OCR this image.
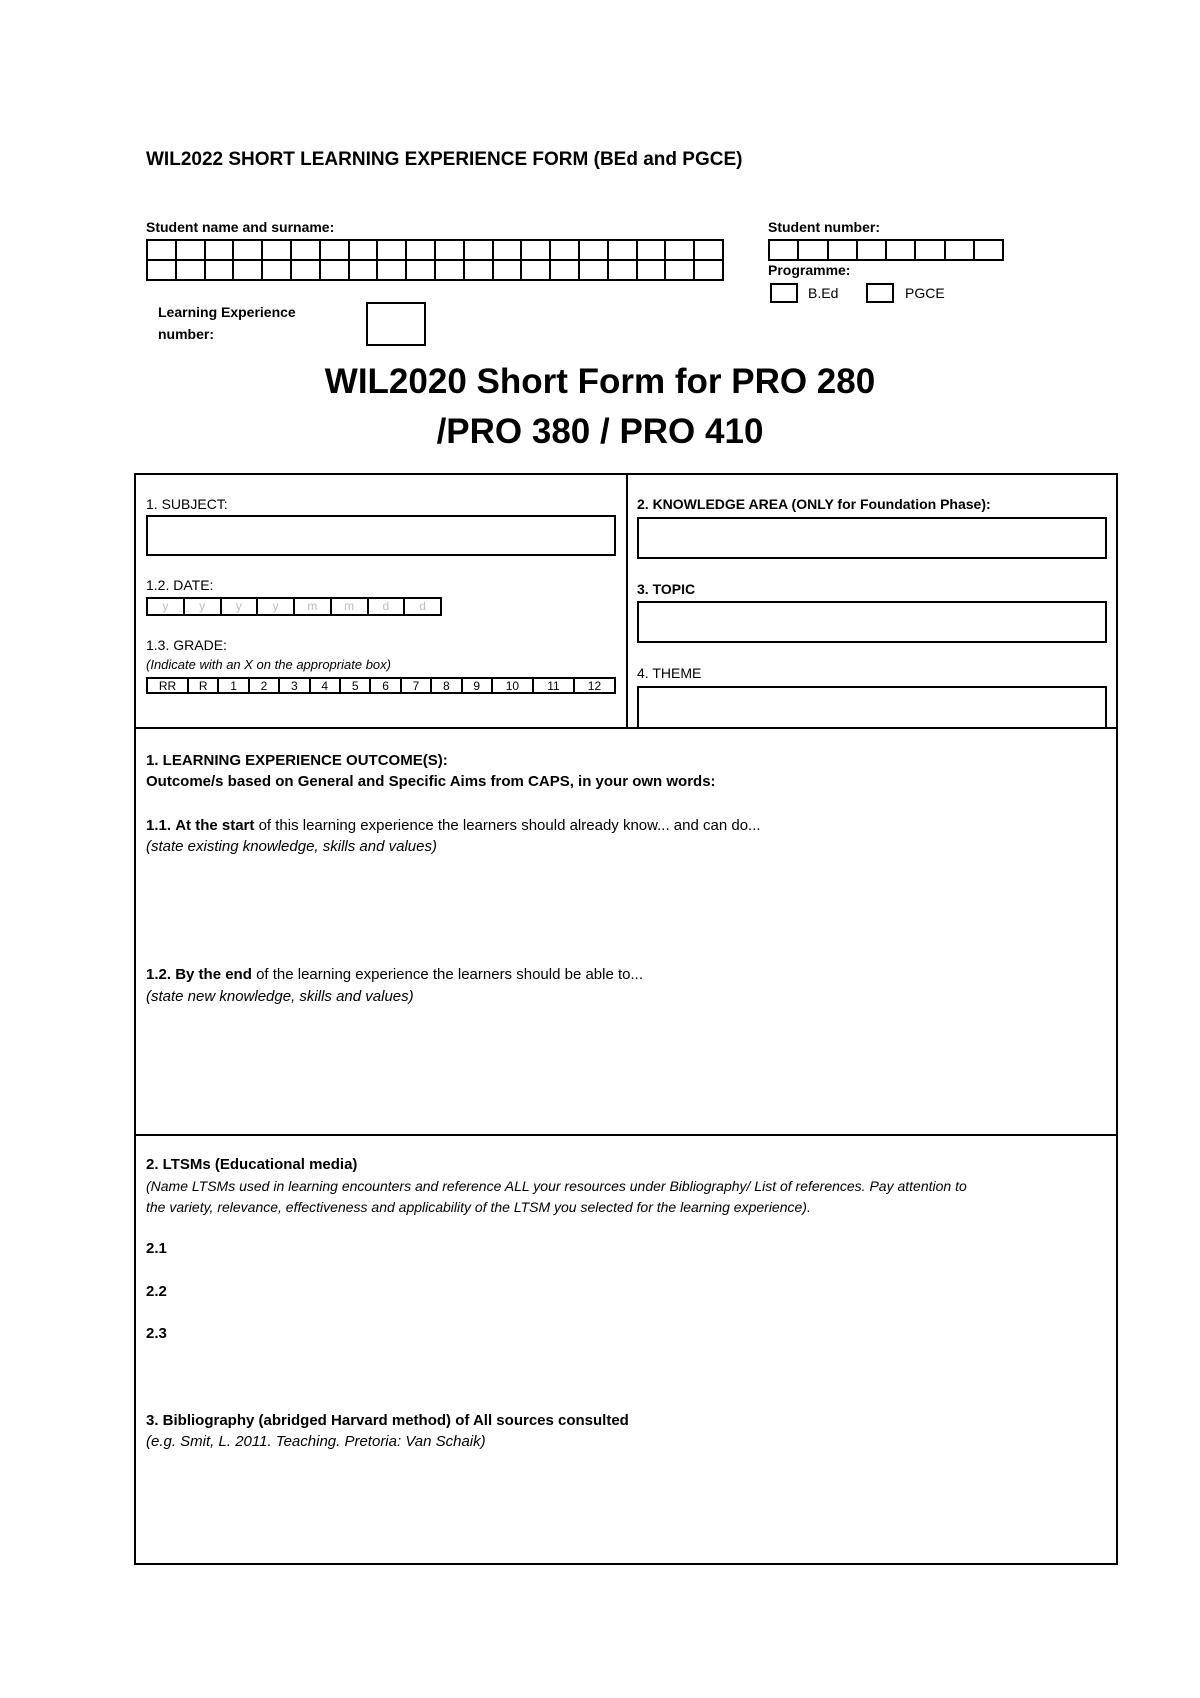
WIL2022 SHORT LEARNING EXPERIENCE FORM (BEd and PGCE)
Student name and surname:	Student number:
Programme:
B.Ed	PGCE
Learning Experience
number:
WIL2020 Short Form for PRO 280
/PRO 380 / PRO 410
1. SUBJECT:
1.2. DATE:
y	y	y	y	m	m	d	d
1.3. GRADE:
(Indicate with an X on the appropriate box)
RR	R	1	2	3	4	5	6	7	8	9	10	11	12
2. KNOWLEDGE AREA (ONLY for Foundation Phase):
3. TOPIC
4. THEME
1. LEARNING EXPERIENCE OUTCOME(S):
Outcome/s based on General and Specific Aims from CAPS, in your own words:
1.1. At the start of this learning experience the learners should already know... and can do...
(state existing knowledge, skills and values)
1.2. By the end of the learning experience the learners should be able to...
(state new knowledge, skills and values)
2. LTSMs (Educational media)
(Name LTSMs used in learning encounters and reference ALL your resources under Bibliography/ List of references. Pay attention to
the variety, relevance, effectiveness and applicability of the LTSM you selected for the learning experience).
2.1
2.2
2.3
3. Bibliography (abridged Harvard method) of All sources consulted
(e.g. Smit, L. 2011. Teaching. Pretoria: Van Schaik)
